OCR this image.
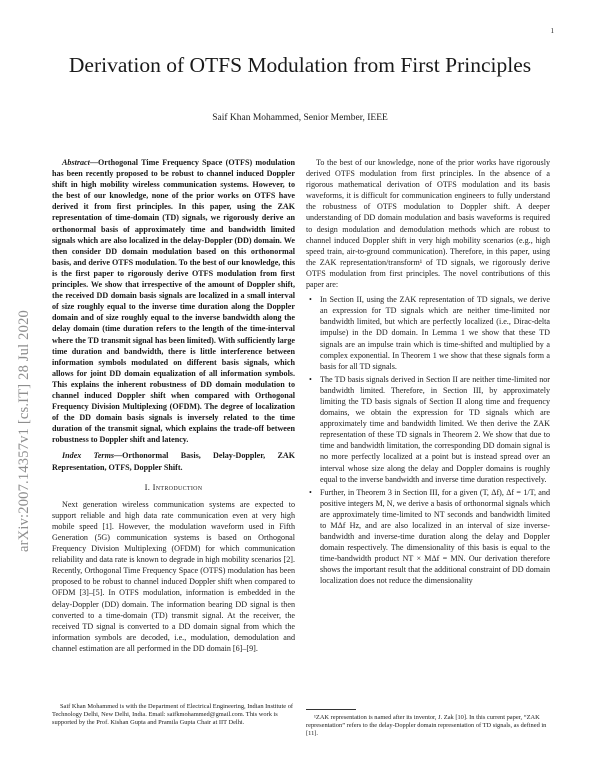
1
arXiv:2007.14357v1 [cs.IT] 28 Jul 2020
Derivation of OTFS Modulation from First Principles
Saif Khan Mohammed, Senior Member, IEEE

Abstract—Orthogonal Time Frequency Space (OTFS) modulation has been recently proposed to be robust to channel induced Doppler shift in high mobility wireless communication systems. However, to the best of our knowledge, none of the prior works on OTFS have derived it from first principles. In this paper, using the ZAK representation of time-domain (TD) signals, we rigorously derive an orthonormal basis of approximately time and bandwidth limited signals which are also localized in the delay-Doppler (DD) domain. We then consider DD domain modulation based on this orthonormal basis, and derive OTFS modulation. To the best of our knowledge, this is the first paper to rigorously derive OTFS modulation from first principles. We show that irrespective of the amount of Doppler shift, the received DD domain basis signals are localized in a small interval of size roughly equal to the inverse time duration along the Doppler domain and of size roughly equal to the inverse bandwidth along the delay domain (time duration refers to the length of the time-interval where the TD transmit signal has been limited). With sufficiently large time duration and bandwidth, there is little interference between information symbols modulated on different basis signals, which allows for joint DD domain equalization of all information symbols. This explains the inherent robustness of DD domain modulation to channel induced Doppler shift when compared with Orthogonal Frequency Division Multiplexing (OFDM). The degree of localization of the DD domain basis signals is inversely related to the time duration of the transmit signal, which explains the trade-off between robustness to Doppler shift and latency.

Index Terms—Orthonormal Basis, Delay-Doppler, ZAK Representation, OTFS, Doppler Shift.

I. Introduction

Next generation wireless communication systems are expected to support reliable and high data rate communication even at very high mobile speed [1]. However, the modulation waveform used in Fifth Generation (5G) communication systems is based on Orthogonal Frequency Division Multiplexing (OFDM) for which communication reliability and data rate is known to degrade in high mobility scenarios [2]. Recently, Orthogonal Time Frequency Space (OTFS) modulation has been proposed to be robust to channel induced Doppler shift when compared to OFDM [3]–[5]. In OTFS modulation, information is embedded in the delay-Doppler (DD) domain. The information bearing DD signal is then converted to a time-domain (TD) transmit signal. At the receiver, the received TD signal is converted to a DD domain signal from which the information symbols are decoded, i.e., modulation, demodulation and channel estimation are all performed in the DD domain [6]–[9].

Saif Khan Mohammed is with the Department of Electrical Engineering, Indian Institute of Technology Delhi, New Delhi, India. Email: saifkmohammed@gmail.com. This work is supported by the Prof. Kishan Gupta and Pramila Gupta Chair at IIT Delhi.

To the best of our knowledge, none of the prior works have rigorously derived OTFS modulation from first principles. In the absence of a rigorous mathematical derivation of OTFS modulation and its basis waveforms, it is difficult for communication engineers to fully understand the robustness of OTFS modulation to Doppler shift. A deeper understanding of DD domain modulation and basis waveforms is required to design modulation and demodulation methods which are robust to channel induced Doppler shift in very high mobility scenarios (e.g., high speed train, air-to-ground communication). Therefore, in this paper, using the ZAK representation/transform¹ of TD signals, we rigorously derive OTFS modulation from first principles. The novel contributions of this paper are:

• In Section II, using the ZAK representation of TD signals, we derive an expression for TD signals which are neither time-limited nor bandwidth limited, but which are perfectly localized (i.e., Dirac-delta impulse) in the DD domain. In Lemma 1 we show that these TD signals are an impulse train which is time-shifted and multiplied by a complex exponential. In Theorem 1 we show that these signals form a basis for all TD signals.
• The TD basis signals derived in Section II are neither time-limited nor bandwidth limited. Therefore, in Section III, by approximately limiting the TD basis signals of Section II along time and frequency domains, we obtain the expression for TD signals which are approximately time and bandwidth limited. We then derive the ZAK representation of these TD signals in Theorem 2. We show that due to time and bandwidth limitation, the corresponding DD domain signal is no more perfectly localized at a point but is instead spread over an interval whose size along the delay and Doppler domains is roughly equal to the inverse bandwidth and inverse time duration respectively.
• Further, in Theorem 3 in Section III, for a given (T, Δf), Δf = 1/T, and positive integers M, N, we derive a basis of orthonormal signals which are approximately time-limited to NT seconds and bandwidth limited to MΔf Hz, and are also localized in an interval of size inverse-bandwidth and inverse-time duration along the delay and Doppler domain respectively. The dimensionality of this basis is equal to the time-bandwidth product NT × MΔf = MN. Our derivation therefore shows the important result that the additional constraint of DD domain localization does not reduce the dimensionality

¹ZAK representation is named after its inventor, J. Zak [10]. In this current paper, “ZAK representation” refers to the delay-Doppler domain representation of TD signals, as defined in [11].
